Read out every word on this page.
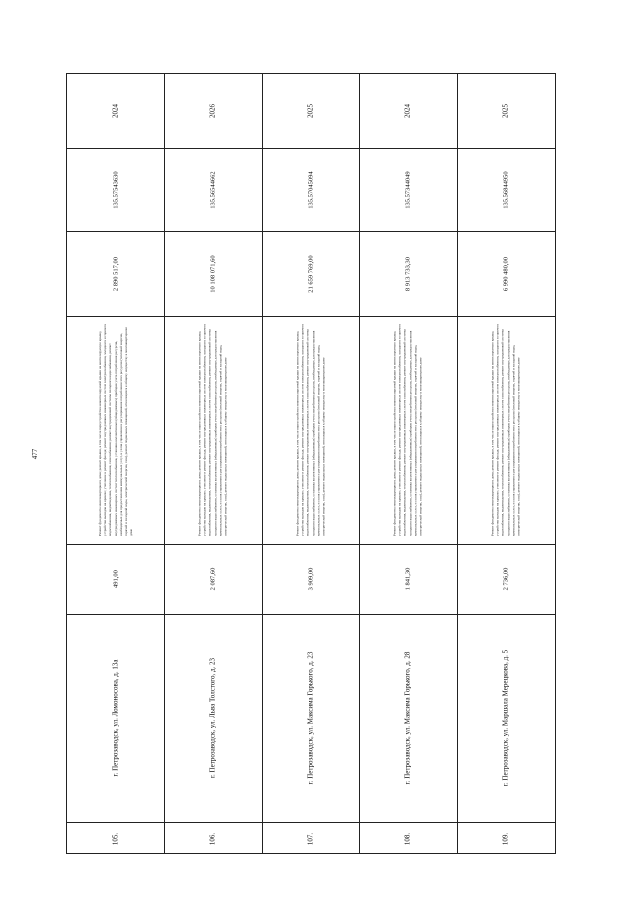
477
2024
135.57543630
2 890 517,00
Ремонт фундамента многоквартирного дома; ремонт крыши, в том числе переустройство невентилируемой крыши на вентилируемую крышу, устройство выходов на кровлю; утепление и ремонт фасада; ремонт внутридомовых инженерных систем электроснабжения, холодного и горячего водоснабжения, водоотведения, теплоснабжения, газоснабжения; ремонт внутридомовой системы холодного водоснабжения, ремонт внутридомовых инженерных систем теплоснабжения, установка коллективных (общедомовых) приборов учета потребления ресурсов, необходимых для предоставления коммунальных услуг, и узлов управления и регулирования потребления этих ресурсов (тепловой энергии, горячей и холодной воды, электрической энергии, газа), ремонт подвальных помещений, относящихся к общему имуществу в многоквартирном доме
491,00
г. Петрозаводск, ул. Ломоносова, д. 13а
105.
2026
135.56544662
10 108 071,60
Ремонт фундамента многоквартирного дома; ремонт крыши, в том числе переустройство невентилируемой крыши на вентилируемую крышу, устройство выходов на кровлю; утепление и ремонт фасада; ремонт внутридомовых инженерных систем электроснабжения, холодного и горячего водоснабжения, водоотведения, теплоснабжения; ремонт внутридомовых инженерных систем газоснабжения, ремонт внутридомовой системы холодного водоснабжения, установка коллективных (общедомовых) приборов учета потребления ресурсов, необходимых для предоставления коммунальных услуг, и узлов управления и регулирования потребления этих ресурсов (тепловой энергии, горячей и холодной воды, электрической энергии, газа), ремонт подвальных помещений, относящихся к общему имуществу в многоквартирном доме
2 087,60
г. Петрозаводск, ул. Льва Толстого, д. 23
106.
2025
135.57045094
21 659 769,00
Ремонт фундамента многоквартирного дома; ремонт крыши, в том числе переустройство невентилируемой крыши на вентилируемую крышу, устройство выходов на кровлю; утепление и ремонт фасада; ремонт внутридомовых инженерных систем электроснабжения, холодного и горячего водоснабжения, водоотведения, теплоснабжения; ремонт внутридомовых инженерных систем газоснабжения, ремонт внутридомовой системы холодного водоснабжения, установка коллективных (общедомовых) приборов учета потребления ресурсов, необходимых для предоставления коммунальных услуг, и узлов управления и регулирования потребления этих ресурсов (тепловой энергии, горячей и холодной воды, электрической энергии, газа), ремонт подвальных помещений, относящихся к общему имуществу в многоквартирном доме
3 909,00
г. Петрозаводск, ул. Максима Горького, д. 23
107.
2024
135.57344049
8 913 733,30
Ремонт фундамента многоквартирного дома; ремонт крыши, в том числе переустройство невентилируемой крыши на вентилируемую крышу, устройство выходов на кровлю; утепление и ремонт фасада; ремонт внутридомовых инженерных систем электроснабжения, холодного и горячего водоснабжения, водоотведения, теплоснабжения; ремонт внутридомовых инженерных систем газоснабжения, ремонт внутридомовой системы холодного водоснабжения, установка коллективных (общедомовых) приборов учета потребления ресурсов, необходимых для предоставления коммунальных услуг, и узлов управления и регулирования потребления этих ресурсов (тепловой энергии, горячей и холодной воды, электрической энергии, газа), ремонт подвальных помещений, относящихся к общему имуществу в многоквартирном доме
1 841,30
г. Петрозаводск, ул. Максима Горького, д. 28
108.
2025
135.56844950
6 990 480,00
Ремонт фундамента многоквартирного дома; ремонт крыши, в том числе переустройство невентилируемой крыши на вентилируемую крышу, устройство выходов на кровлю; утепление и ремонт фасада; ремонт внутридомовых инженерных систем электроснабжения, холодного и горячего водоснабжения, водоотведения, теплоснабжения; ремонт внутридомовых инженерных систем газоснабжения, ремонт внутридомовой системы холодного водоснабжения, установка коллективных (общедомовых) приборов учета потребления ресурсов, необходимых для предоставления коммунальных услуг, и узлов управления и регулирования потребления этих ресурсов (тепловой энергии, горячей и холодной воды, электрической энергии, газа), ремонт подвальных помещений, относящихся к общему имуществу в многоквартирном доме
2 736,00
г. Петрозаводск, ул. Маршала Мерецкова, д. 5
109.
